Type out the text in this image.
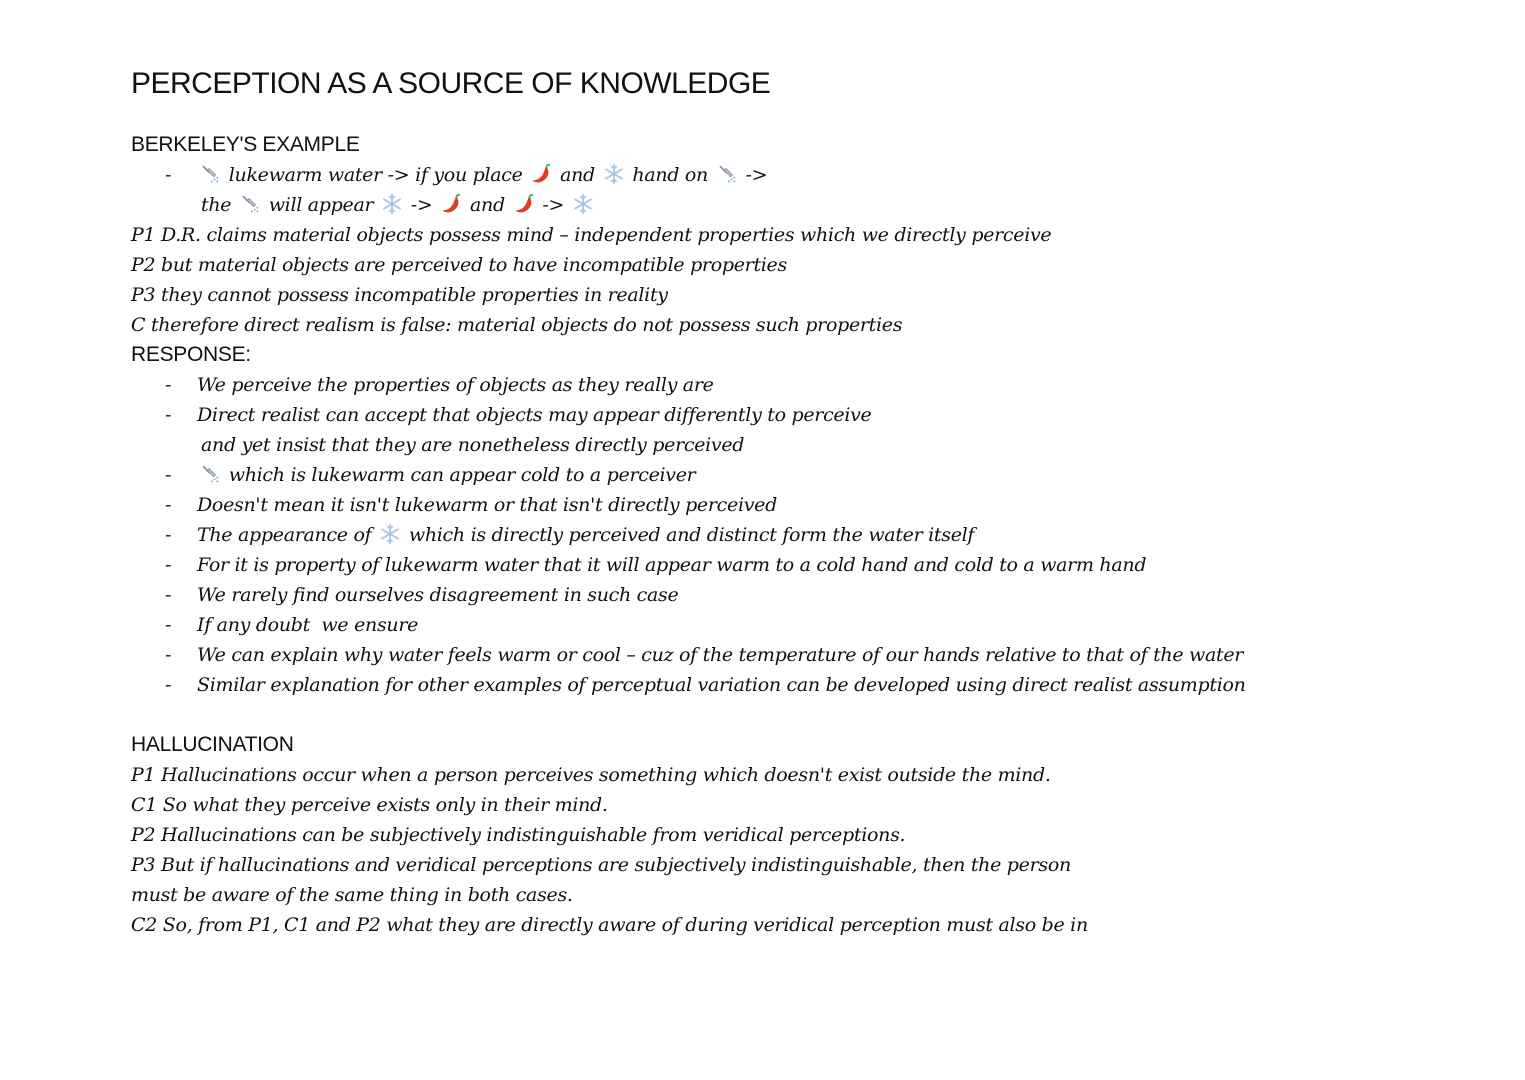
PERCEPTION AS A SOURCE OF KNOWLEDGE
BERKELEY'S EXAMPLE
-	lukewarm water -> if you place and hand on ->
the will appear -> and ->
P1 D.R. claims material objects possess mind – independent properties which we directly perceive
P2 but material objects are perceived to have incompatible properties
P3 they cannot possess incompatible properties in reality
C therefore direct realism is false: material objects do not possess such properties
RESPONSE:
- We perceive the properties of objects as they really are
- Direct realist can accept that objects may appear differently to perceive
and yet insist that they are nonetheless directly perceived
-	which is lukewarm can appear cold to a perceiver
- Doesn't mean it isn't lukewarm or that isn't directly perceived
- The appearance of which is directly perceived and distinct form the water itself
- For it is property of lukewarm water that it will appear warm to a cold hand and cold to a warm hand
- We rarely find ourselves disagreement in such case
- If any doubt  we ensure
- We can explain why water feels warm or cool – cuz of the temperature of our hands relative to that of the water
- Similar explanation for other examples of perceptual variation can be developed using direct realist assumption
HALLUCINATION
P1 Hallucinations occur when a person perceives something which doesn't exist outside the mind.
C1 So what they perceive exists only in their mind.
P2 Hallucinations can be subjectively indistinguishable from veridical perceptions.
P3 But if hallucinations and veridical perceptions are subjectively indistinguishable, then the person
must be aware of the same thing in both cases.
C2 So, from P1, C1 and P2 what they are directly aware of during veridical perception must also be in
